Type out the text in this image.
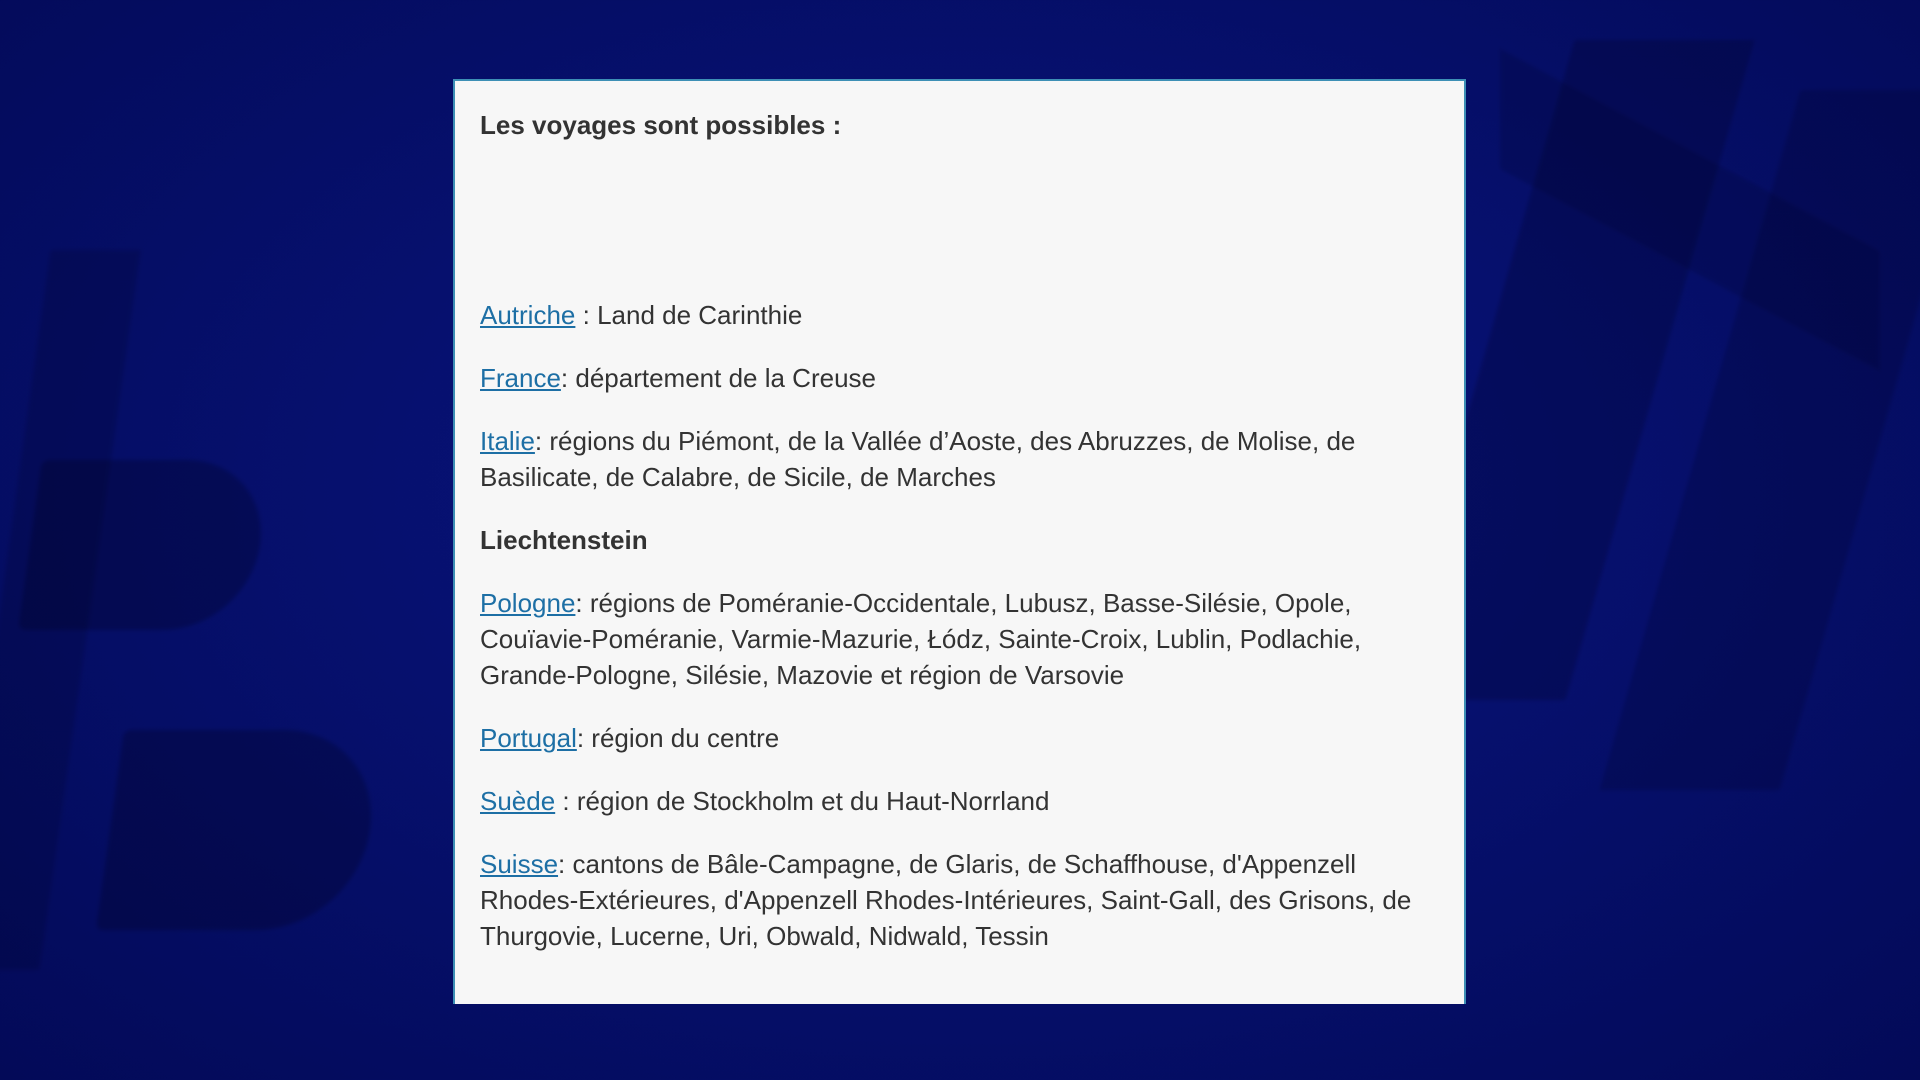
Les voyages sont possibles :

Autriche : Land de Carinthie

France: département de la Creuse

Italie: régions du Piémont, de la Vallée d’Aoste, des Abruzzes, de Molise, de Basilicate, de Calabre, de Sicile, de Marches

Liechtenstein

Pologne: régions de Poméranie-Occidentale, Lubusz, Basse-Silésie, Opole, Couïavie-Poméranie, Varmie-Mazurie, Łódz, Sainte-Croix, Lublin, Podlachie, Grande-Pologne, Silésie, Mazovie et région de Varsovie

Portugal: région du centre

Suède : région de Stockholm et du Haut-Norrland

Suisse: cantons de Bâle-Campagne, de Glaris, de Schaffhouse, d'Appenzell Rhodes-Extérieures, d'Appenzell Rhodes-Intérieures, Saint-Gall, des Grisons, de Thurgovie, Lucerne, Uri, Obwald, Nidwald, Tessin
